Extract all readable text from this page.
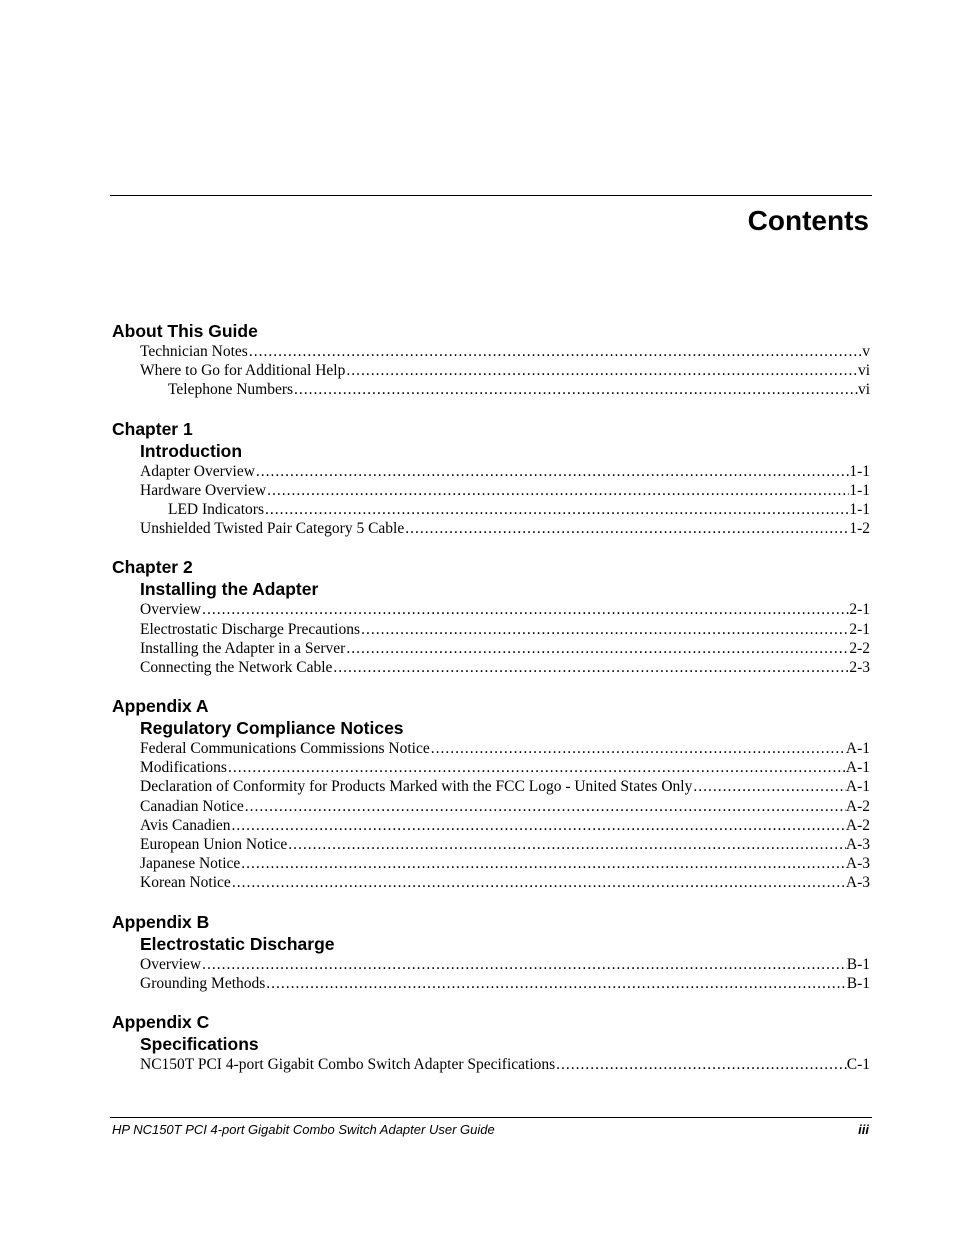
Contents
About This Guide
Technician Notes .....	v
Where to Go for Additional Help .....	vi
Telephone Numbers .....	vi
Chapter 1
Introduction
Adapter Overview .....	1-1
Hardware Overview .....	1-1
LED Indicators .....	1-1
Unshielded Twisted Pair Category 5 Cable .....	1-2
Chapter 2
Installing the Adapter
Overview .....	2-1
Electrostatic Discharge Precautions .....	2-1
Installing the Adapter in a Server .....	2-2
Connecting the Network Cable .....	2-3
Appendix A
Regulatory Compliance Notices
Federal Communications Commissions Notice .....	A-1
Modifications .....	A-1
Declaration of Conformity for Products Marked with the FCC Logo - United States Only .....	A-1
Canadian Notice .....	A-2
Avis Canadien .....	A-2
European Union Notice .....	A-3
Japanese Notice .....	A-3
Korean Notice .....	A-3
Appendix B
Electrostatic Discharge
Overview .....	B-1
Grounding Methods .....	B-1
Appendix C
Specifications
NC150T PCI 4-port Gigabit Combo Switch Adapter Specifications .....	C-1
HP NC150T PCI 4-port Gigabit Combo Switch Adapter User Guide	iii
